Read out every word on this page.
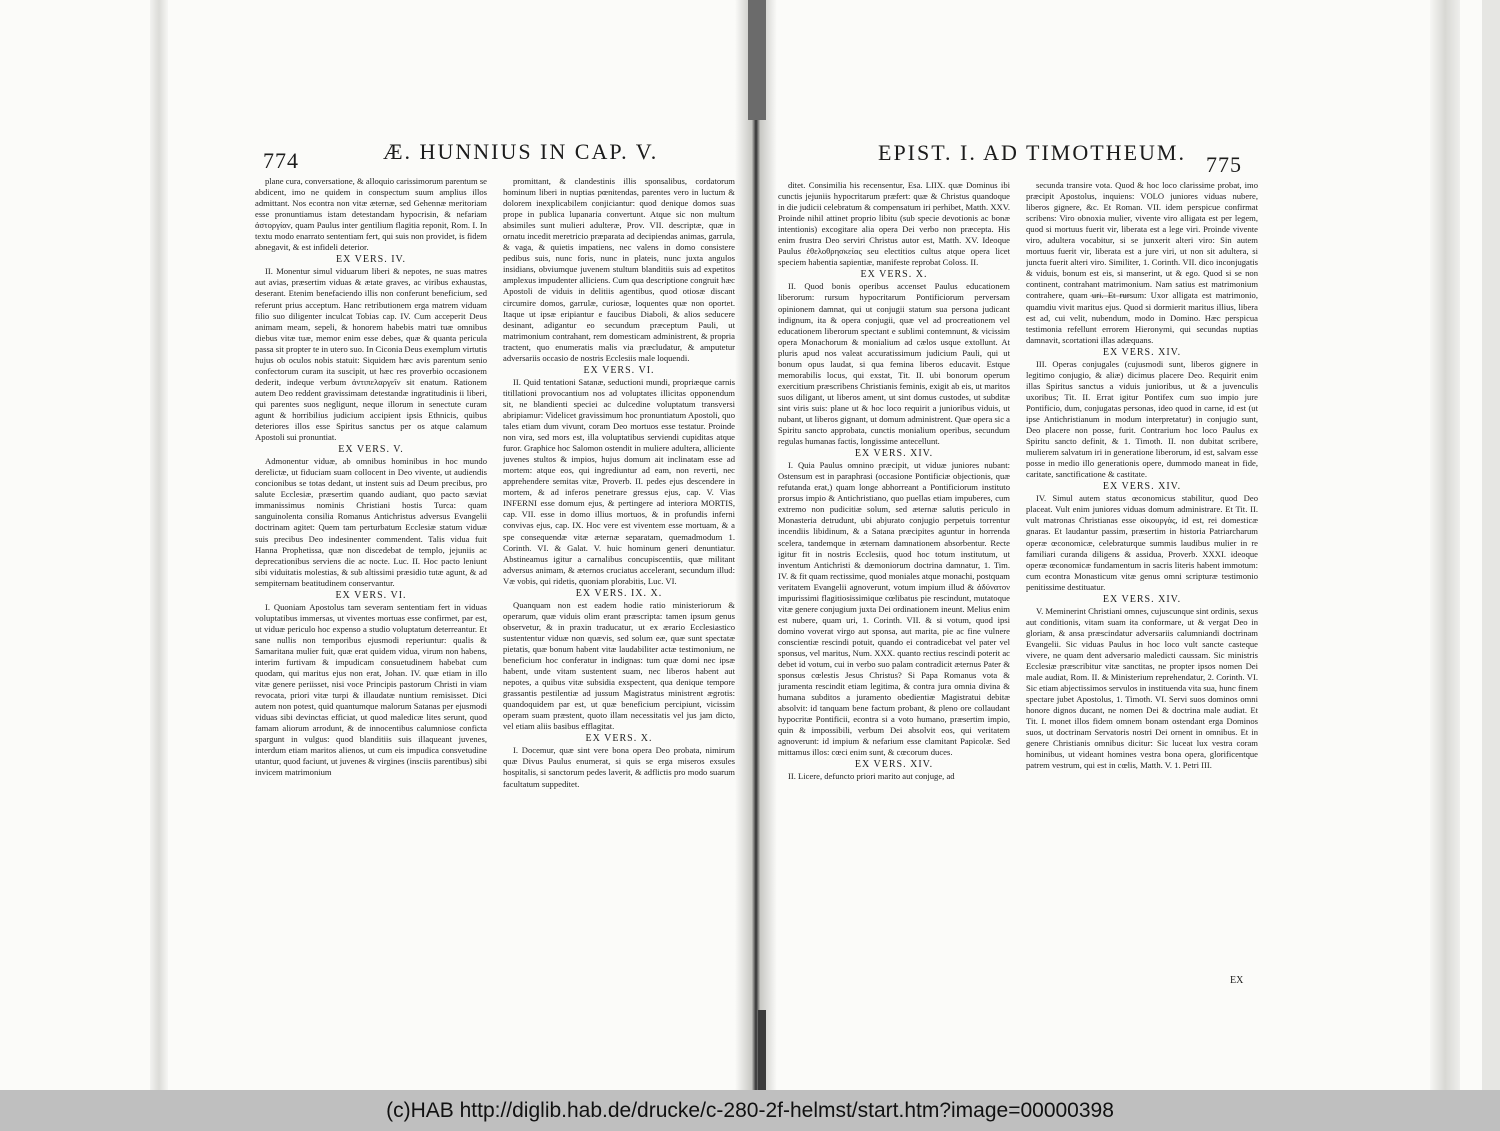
774	Æ. HUNNIUS IN CAP. V.

plane cura, conversatione, & alloquio carissimorum parentum se abdicent, imo ne quidem in conspectum suum amplius illos admittant. Nos econtra non vitæ æternæ, sed Gehennæ meritoriam esse pronuntiamus istam detestandam hypocrisin, & nefariam ἀστοργίαν, quam Paulus inter gentilium flagitia reponit, Rom. I. In textu modo enarrato sententiam fert, qui suis non providet, is fidem abnegavit, & est infideli deterior.

EX VERS. IV.

II. Monentur simul viduarum liberi & nepotes, ne suas matres aut avias, præsertim viduas & ætate graves, ac viribus exhaustas, deserant. Etenim benefaciendo illis non conferunt beneficium, sed referunt prius acceptum. Hanc retributionem erga matrem viduam filio suo diligenter inculcat Tobias cap. IV. Cum acceperit Deus animam meam, sepeli, & honorem habebis matri tuæ omnibus diebus vitæ tuæ, memor enim esse debes, quæ & quanta pericula passa sit propter te in utero suo. In Ciconia Deus exemplum virtutis hujus ob oculos nobis statuit: Siquidem hæc avis parentum senio confectorum curam ita suscipit, ut hæc res proverbio occasionem dederit, indeque verbum ἀντιπελαργεῖν sit enatum. Rationem autem Deo reddent gravissimam detestandæ ingratitudinis ii liberi, qui parentes suos negligunt, neque illorum in senectute curam agunt & horribilius judicium accipient ipsis Ethnicis, quibus deteriores illos esse Spiritus sanctus per os atque calamum Apostoli sui pronuntiat.

EX VERS. V.

Admonentur viduæ, ab omnibus hominibus in hoc mundo derelictæ, ut fiduciam suam collocent in Deo vivente, ut audiendis concionibus se totas dedant, ut instent suis ad Deum precibus, pro salute Ecclesiæ, præsertim quando audiant, quo pacto sæviat immanissimus nominis Christiani hostis Turca: quam sanguinolenta consilia Romanus Antichristus adversus Evangelii doctrinam agitet: Quem tam perturbatum Ecclesiæ statum viduæ suis precibus Deo indesinenter commendent. Talis vidua fuit Hanna Prophetissa, quæ non discedebat de templo, jejuniis ac deprecationibus serviens die ac nocte. Luc. II. Hoc pacto leniunt sibi viduitatis molestias, & sub altissimi præsidio tutæ agunt, & ad sempiternam beatitudinem conservantur.

EX VERS. VI.

I. Quoniam Apostolus tam severam sententiam fert in viduas voluptatibus immersas, ut viventes mortuas esse confirmet, par est, ut viduæ periculo hoc expenso a studio voluptatum deterreantur. Et sane nullis non temporibus ejusmodi reperiuntur: qualis & Samaritana mulier fuit, quæ erat quidem vidua, virum non habens, interim furtivam & impudicam consuetudinem habebat cum quodam, qui maritus ejus non erat, Johan. IV. quæ etiam in illo vitæ genere periisset, nisi voce Principis pastorum Christi in viam revocata, priori vitæ turpi & illaudatæ nuntium remisisset. Dici autem non potest, quid quantumque malorum Satanas per ejusmodi viduas sibi devinctas efficiat, ut quod maledicæ lites serunt, quod famam aliorum arrodunt, & de innocentibus calumniose conficta spargunt in vulgus: quod blanditiis suis illaqueant juvenes, interdum etiam maritos alienos, ut cum eis impudica consvetudine utantur, quod faciunt, ut juvenes & virgines (insciis parentibus) sibi invicem matrimonium

promittant, & clandestinis illis sponsalibus, cordatorum hominum liberi in nuptias pœnitendas, parentes vero in luctum & dolorem inexplicabilem conjiciantur: quod denique domos suas prope in publica lupanaria convertunt. Atque sic non multum absimiles sunt mulieri adulteræ, Prov. VII. descriptæ, quæ in ornatu incedit meretricio præparata ad decipiendas animas, garrula, & vaga, & quietis impatiens, nec valens in domo consistere pedibus suis, nunc foris, nunc in plateis, nunc juxta angulos insidians, obviumque juvenem stultum blanditiis suis ad expetitos amplexus impudenter alliciens. Cum qua descriptione congruit hæc Apostoli de viduis in delitiis agentibus, quod otiosæ discant circumire domos, garrulæ, curiosæ, loquentes quæ non oportet. Itaque ut ipsæ eripiantur e faucibus Diaboli, & alios seducere desinant, adigantur eo secundum præceptum Pauli, ut matrimonium contrahant, rem domesticam administrent, & propria tractent, quo enumeratis malis via præcludatur, & amputetur adversariis occasio de nostris Ecclesiis male loquendi.

EX VERS. VI.

II. Quid tentationi Satanæ, seductioni mundi, propriæque carnis titillationi provocantium nos ad voluptates illicitas opponendum sit, ne blandienti speciei ac dulcedine voluptatum transversi abripiamur: Videlicet gravissimum hoc pronuntiatum Apostoli, quo tales etiam dum vivunt, coram Deo mortuos esse testatur. Proinde non vira, sed mors est, illa voluptatibus serviendi cupiditas atque furor. Graphice hoc Salomon ostendit in muliere adultera, alliciente juvenes stultos & impios, hujus domum ait inclinatam esse ad mortem: atque eos, qui ingrediuntur ad eam, non reverti, nec apprehendere semitas vitæ, Proverb. II. pedes ejus descendere in mortem, & ad inferos penetrare gressus ejus, cap. V. Vias INFERNI esse domum ejus, & pertingere ad interiora MORTIS, cap. VII. esse in domo illius mortuos, & in profundis inferni convivas ejus, cap. IX. Hoc vere est viventem esse mortuam, & a spe consequendæ vitæ æternæ separatam, quemadmodum 1. Corinth. VI. & Galat. V. huic hominum generi denuntiatur. Abstineamus igitur a carnalibus concupiscentiis, quæ militant adversus animam, & æternos cruciatus accelerant, secundum illud: Væ vobis, qui ridetis, quoniam plorabitis, Luc. VI.

EX VERS. IX. X.

Quanquam non est eadem hodie ratio ministeriorum & operarum, quæ viduis olim erant præscripta: tamen ipsum genus observetur, & in praxin traducatur, ut ex ærario Ecclesiastico sustententur viduæ non quævis, sed solum eæ, quæ sunt spectatæ pietatis, quæ bonum habent vitæ laudabiliter actæ testimonium, ne beneficium hoc conferatur in indignas: tum quæ domi nec ipsæ habent, unde vitam sustentent suam, nec liberos habent aut nepotes, a quibus vitæ subsidia exspectent, qua denique tempore grassantis pestilentiæ ad jussum Magistratus ministrent ægrotis: quandoquidem par est, ut quæ beneficium percipiunt, vicissim operam suam præstent, quoto illam necessitatis vel jus jam dicto, vel etiam aliis basibus efflagitat.

EX VERS. X.

I. Docemur, quæ sint vere bona opera Deo probata, nimirum quæ Divus Paulus enumerat, si quis se erga miseros exsules hospitalis, si sanctorum pedes laverit, & adflictis pro modo suarum facultatum suppeditet.

EPIST. I. AD TIMOTHEUM. 775

ditet. Consimilia his recensentur, Esa. LIIX. quæ Dominus ibi cunctis jejuniis hypocritarum præfert: quæ & Christus quandoque in die judicii celebratum & compensatum iri perhibet, Matth. XXV. Proinde nihil attinet proprio libitu (sub specie devotionis ac bonæ intentionis) excogitare alia opera Dei verbo non præcepta. His enim frustra Deo serviri Christus autor est, Matth. XV. Ideoque Paulus ἐθελοθρησκείας seu electitios cultus atque opera licet speciem habentia sapientiæ, manifeste reprobat Coloss. II.

EX VERS. X.

II. Quod bonis operibus accenset Paulus educationem liberorum: rursum hypocritarum Pontificiorum perversam opinionem damnat, qui ut conjugii statum sua persona judicant indignum, ita & opera conjugii, quæ vel ad procreationem vel educationem liberorum spectant e sublimi contemnunt, & vicissim opera Monachorum & monialium ad cælos usque extollunt. At pluris apud nos valeat accuratissimum judicium Pauli, qui ut bonum opus laudat, si qua femina liberos educavit. Estque memorabilis locus, qui exstat, Tit. II. ubi bonorum operum exercitium præscribens Christianis feminis, exigit ab eis, ut maritos suos diligant, ut liberos ament, ut sint domus custodes, ut subditæ sint viris suis: plane ut & hoc loco requirit a junioribus viduis, ut nubant, ut liberos gignant, ut domum administrent. Quæ opera sic a Spiritu sancto approbata, cunctis monialium operibus, secundum regulas humanas factis, longissime antecellunt.

EX VERS. XIV.

I. Quia Paulus omnino præcipit, ut viduæ juniores nubant: Ostensum est in paraphrasi (occasione Pontificiæ objectionis, quæ refutanda erat,) quam longe abhorreant a Pontificiorum instituto prorsus impio & Antichristiano, quo puellas etiam impuberes, cum extremo non pudicitiæ solum, sed æternæ salutis periculo in Monasteria detrudunt, ubi abjurato conjugio perpetuis torrentur incendiis libidinum, & a Satana præcipites aguntur in horrenda scelera, tandemque in æternam damnationem absorbentur. Recte igitur fit in nostris Ecclesiis, quod hoc totum institutum, ut inventum Antichristi & dæmoniorum doctrina damnatur, 1. Tim. IV. & fit quam rectissime, quod moniales atque monachi, postquam veritatem Evangelii agnoverunt, votum impium illud & ἀδύνατον impurissimi flagitiosissimique cœlibatus pie rescindunt, mutatoque vitæ genere conjugium juxta Dei ordinationem ineunt. Melius enim est nubere, quam uri, 1. Corinth. VII. & si votum, quod ipsi domino voverat virgo aut sponsa, aut marita, pie ac fine vulnere conscientiæ rescindi potuit, quando ei contradicebat vel pater vel sponsus, vel maritus, Num. XXX. quanto rectius rescindi poterit ac debet id votum, cui in verbo suo palam contradicit æternus Pater & sponsus cœlestis Jesus Christus? Si Papa Romanus vota & juramenta rescindit etiam legitima, & contra jura omnia divina & humana subditos a juramento obedientiæ Magistratui debitæ absolvit: id tanquam bene factum probant, & pleno ore collaudant hypocritæ Pontificii, econtra si a voto humano, præsertim impio, quin & impossibili, verbum Dei absolvit eos, qui veritatem agnoverunt: id impium & nefarium esse clamitant Papicolæ. Sed mittamus illos: cœci enim sunt, & cœcorum duces.

EX VERS. XIV.

II. Licere, defuncto priori marito aut conjuge, ad

secunda transire vota. Quod & hoc loco clarissime probat, imo præcipit Apostolus, inquiens: VOLO juniores viduas nubere, liberos gignere, &c. Et Roman. VII. idem perspicue confirmat scribens: Viro obnoxia mulier, vivente viro alligata est per legem, quod si mortuus fuerit vir, liberata est a lege viri. Proinde vivente viro, adultera vocabitur, si se junxerit alteri viro: Sin autem mortuus fuerit vir, liberata est a jure viri, ut non sit adultera, si juncta fuerit alteri viro. Similiter, 1. Corinth. VII. dico inconjugatis & viduis, bonum est eis, si manserint, ut & ego. Quod si se non continent, contrahant matrimonium. Nam satius est matrimonium contrahere, quam uri. Et rursum: Uxor alligata est matrimonio, quamdiu vivit maritus ejus. Quod si dormierit maritus illius, libera est ad, cui velit, nubendum, modo in Domino. Hæc perspicua testimonia refellunt errorem Hieronymi, qui secundas nuptias damnavit, scortationi illas adæquans.

EX VERS. XIV.

III. Operas conjugales (cujusmodi sunt, liberos gignere in legitimo conjugio, & aliæ) dicimus placere Deo. Requirit enim illas Spiritus sanctus a viduis junioribus, ut & a juvenculis uxoribus; Tit. II. Errat igitur Pontifex cum suo impio jure Pontificio, dum, conjugatas personas, ideo quod in carne, id est (ut ipse Antichristianum in modum interpretatur) in conjugio sunt, Deo placere non posse, furit. Contrarium hoc loco Paulus ex Spiritu sancto definit, & 1. Timoth. II. non dubitat scribere, mulierem salvatum iri in generatione liberorum, id est, salvam esse posse in medio illo generationis opere, dummodo maneat in fide, caritate, sanctificatione & castitate.

EX VERS. XIV.

IV. Simul autem status œconomicus stabilitur, quod Deo placeat. Vult enim juniores viduas domum administrare. Et Tit. II. vult matronas Christianas esse οἰκουργὰς, id est, rei domesticæ gnaras. Et laudantur passim, præsertim in historia Patriarcharum operæ œconomicæ, celebraturque summis laudibus mulier in re familiari curanda diligens & assidua, Proverb. XXXI. ideoque operæ œconomicæ fundamentum in sacris literis habent immotum: cum econtra Monasticum vitæ genus omni scripturæ testimonio penitissime destituatur.

EX VERS. XIV.

V. Meminerint Christiani omnes, cujuscunque sint ordinis, sexus aut conditionis, vitam suam ita conformare, ut & vergat Deo in gloriam, & ansa præscindatur adversariis calumniandi doctrinam Evangelii. Sic viduas Paulus in hoc loco vult sancte casteque vivere, ne quam dent adversario maledicti caussam. Sic ministris Ecclesiæ præscribitur vitæ sanctitas, ne propter ipsos nomen Dei male audiat, Rom. II. & Ministerium reprehendatur, 2. Corinth. VI. Sic etiam abjectissimos servulos in instituenda vita sua, hunc finem spectare jubet Apostolus, 1. Timoth. VI. Servi suos dominos omni honore dignos ducant, ne nomen Dei & doctrina male audiat. Et Tit. I. monet illos fidem omnem bonam ostendant erga Dominos suos, ut doctrinam Servatoris nostri Dei ornent in omnibus. Et in genere Christianis omnibus dicitur: Sic luceat lux vestra coram hominibus, ut videant homines vestra bona opera, glorificentque patrem vestrum, qui est in cœlis, Matth. V. 1. Petri III.

EX
(c)HAB http://diglib.hab.de/drucke/c-280-2f-helmst/start.htm?image=00000398
